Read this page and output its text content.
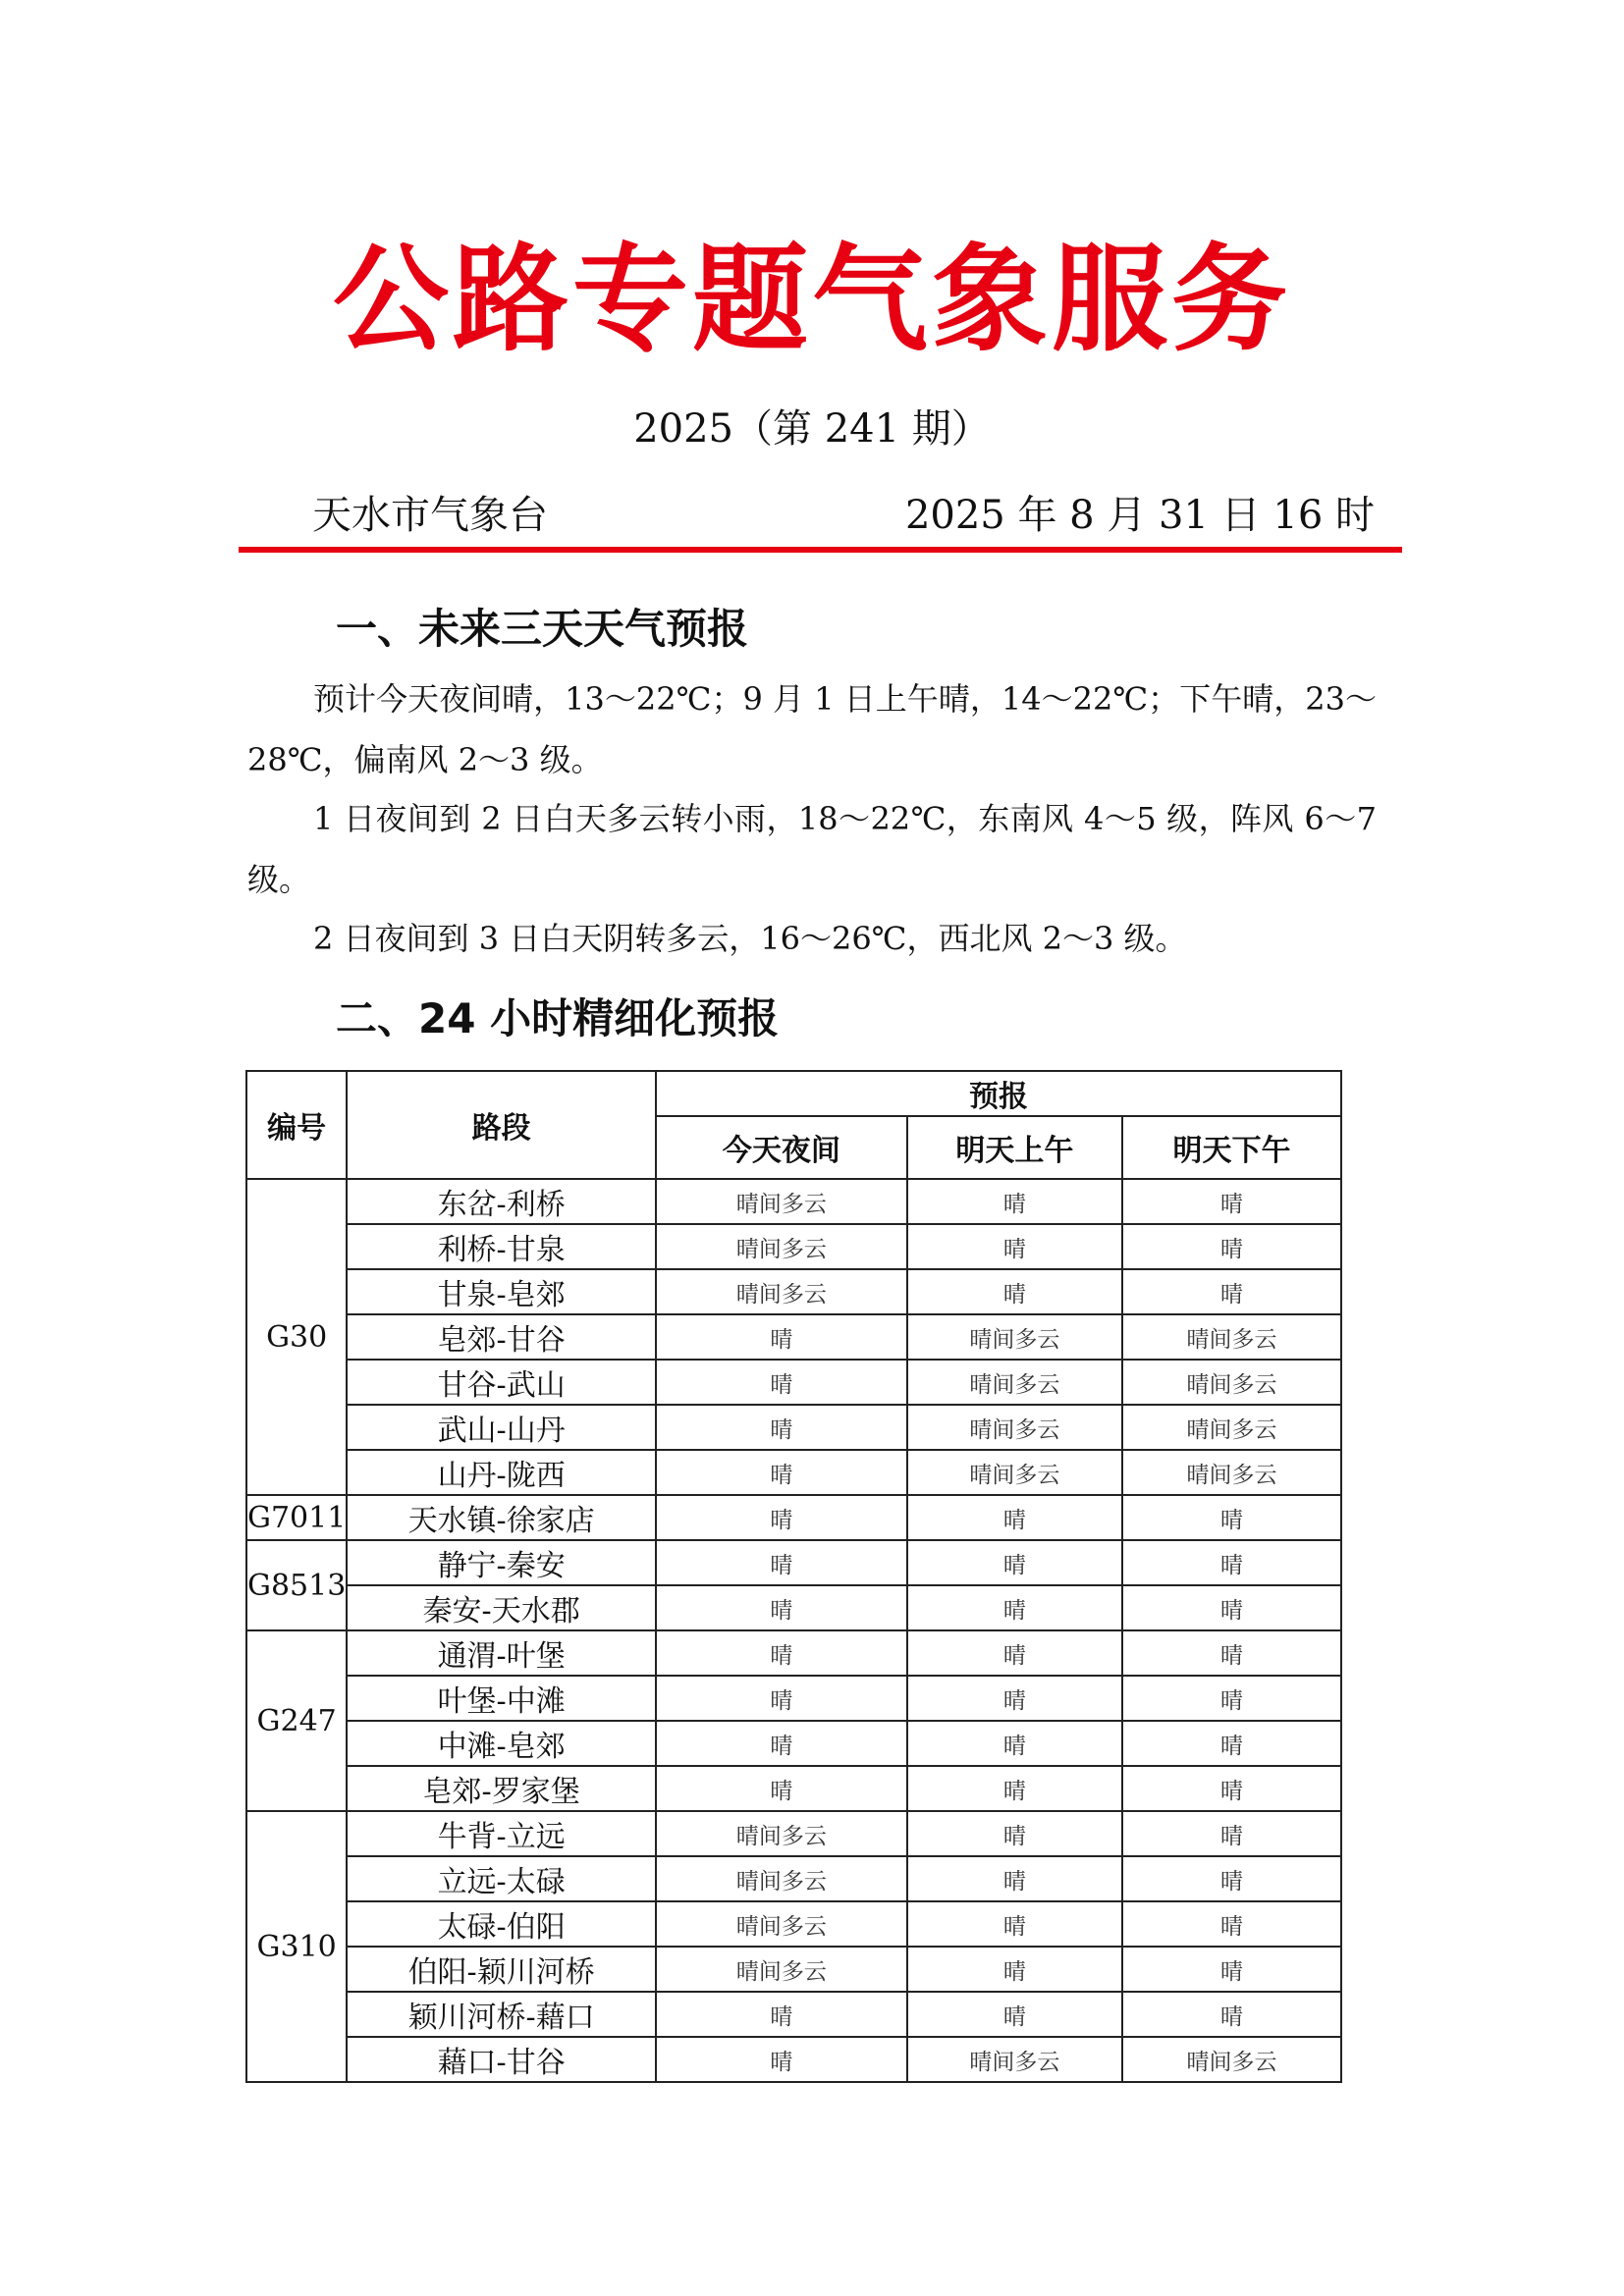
公路专题气象服务
2025（第 241 期）
天水市气象台	2025 年 8 月 31 日 16 时
一、未来三天天气预报

预计今天夜间晴，13～22℃；9 月 1 日上午晴，14～22℃；下午晴，23～28℃，偏南风 2～3 级。

1 日夜间到 2 日白天多云转小雨，18～22℃，东南风 4～5 级，阵风 6～7级。

2 日夜间到 3 日白天阴转多云，16～26℃，西北风 2～3 级。

二、24 小时精细化预报
编号	路段	预报		
		今天夜间	明天上午	明天下午
G30	东岔-利桥	晴间多云	晴	晴
	利桥-甘泉	晴间多云	晴	晴
	甘泉-皂郊	晴间多云	晴	晴
	皂郊-甘谷	晴	晴间多云	晴间多云
	甘谷-武山	晴	晴间多云	晴间多云
	武山-山丹	晴	晴间多云	晴间多云
	山丹-陇西	晴	晴间多云	晴间多云
G7011	天水镇-徐家店	晴	晴	晴
G8513	静宁-秦安	晴	晴	晴
	秦安-天水郡	晴	晴	晴
G247	通渭-叶堡	晴	晴	晴
	叶堡-中滩	晴	晴	晴
	中滩-皂郊	晴	晴	晴
	皂郊-罗家堡	晴	晴	晴
G310	牛背-立远	晴间多云	晴	晴
	立远-太碌	晴间多云	晴	晴
	太碌-伯阳	晴间多云	晴	晴
	伯阳-颖川河桥	晴间多云	晴	晴
	颖川河桥-藉口	晴	晴	晴
	藉口-甘谷	晴	晴间多云	晴间多云
